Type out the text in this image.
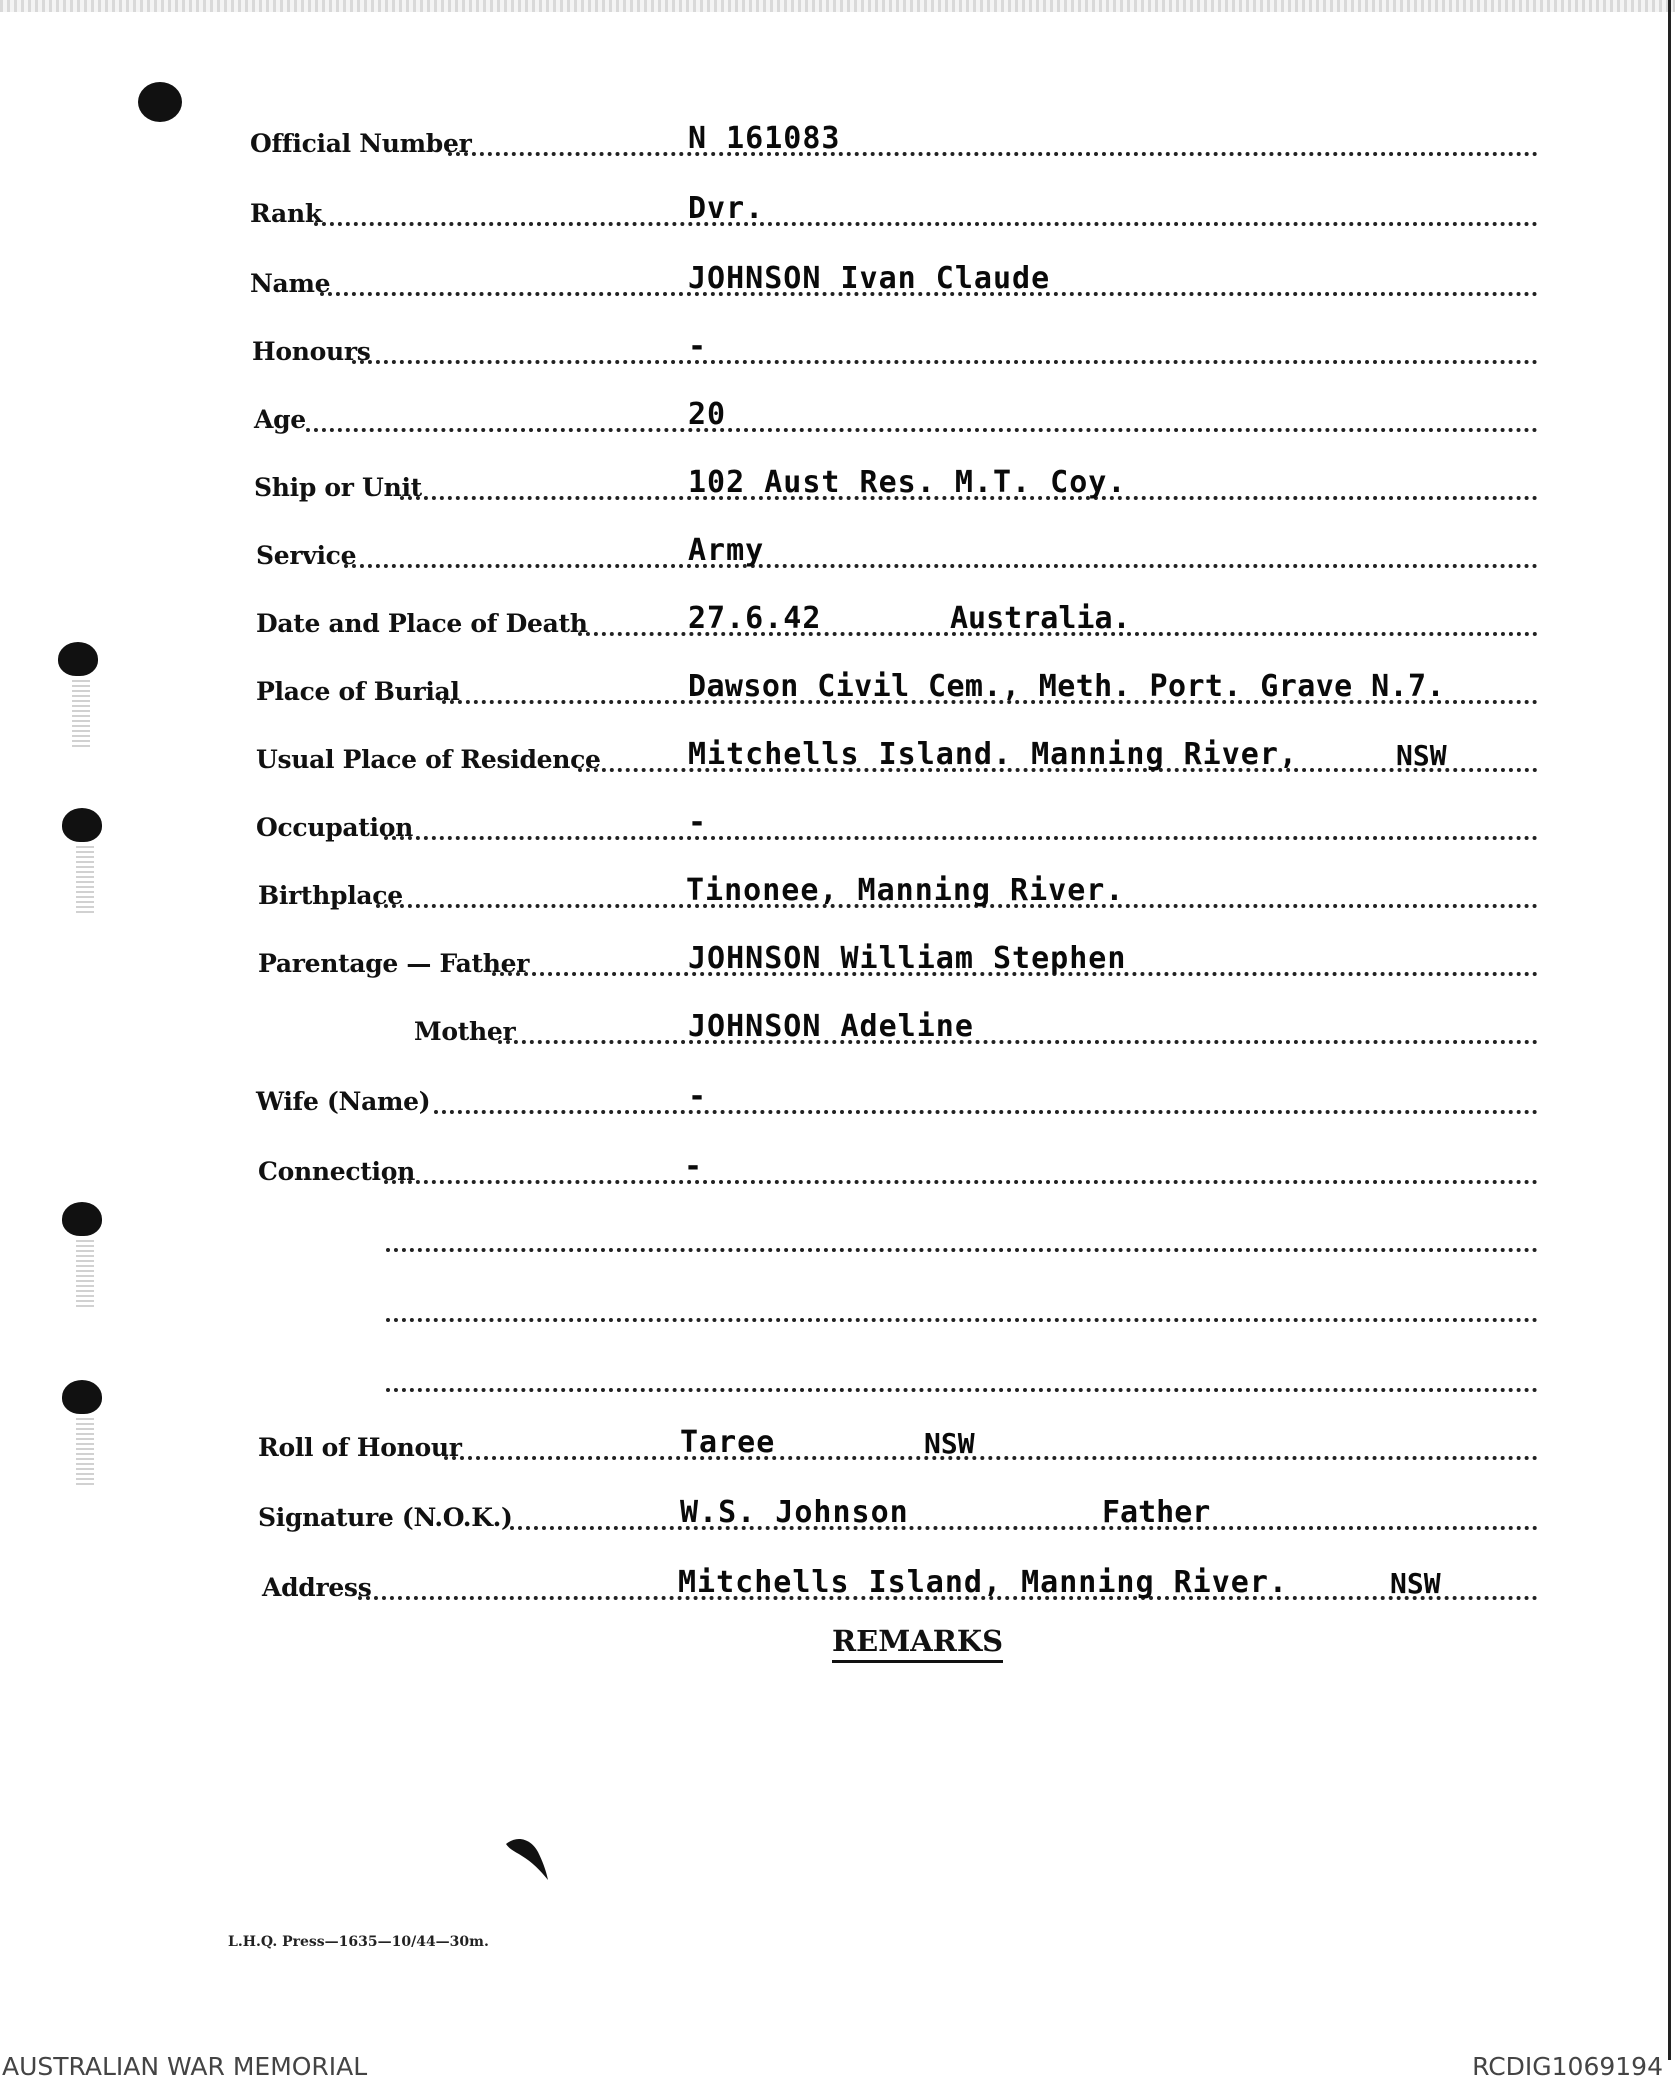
Official Number	N 161083
Rank	Dvr.
Name	JOHNSON Ivan Claude
Honours	-
Age	20
Ship or Unit	102 Aust Res. M.T. Coy.
Service	Army
Date and Place of Death	27.6.42	Australia.
Place of Burial	Dawson Civil Cem., Meth. Port. Grave N.7.
Usual Place of Residence	Mitchells Island. Manning River,	NSW
Occupation	-
Birthplace	Tinonee, Manning River.
Parentage — Father	JOHNSON William Stephen
Mother	JOHNSON Adeline
Wife (Name)	-
Connection	-
Roll of Honour	Taree	NSW
Signature (N.O.K.)	W.S. Johnson	Father
Address	Mitchells Island, Manning River.	NSW
REMARKS
L.H.Q. Press—1635—10/44—30m.
AUSTRALIAN WAR MEMORIAL	RCDIG1069194
